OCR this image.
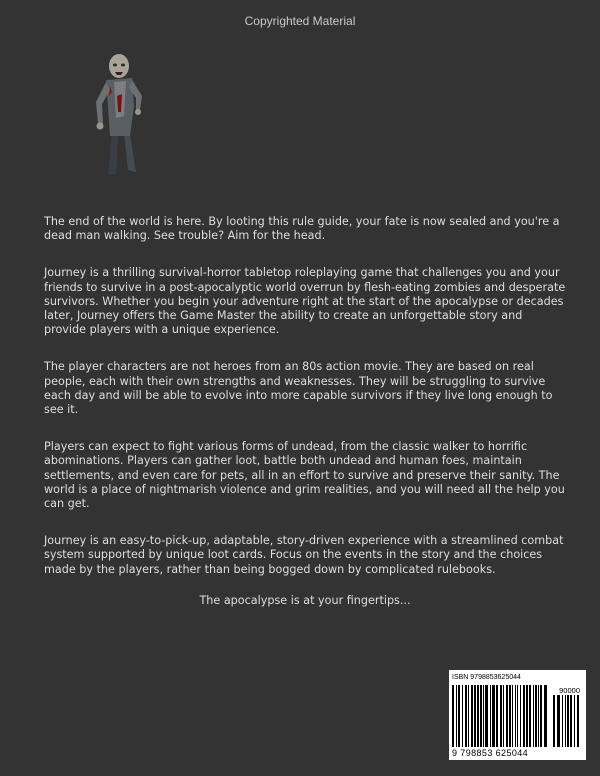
Copyrighted Material

The end of the world is here. By looting this rule guide, your fate is now sealed and you're a dead man walking. See trouble? Aim for the head.

Journey is a thrilling survival-horror tabletop roleplaying game that challenges you and your friends to survive in a post-apocalyptic world overrun by flesh-eating zombies and desperate survivors. Whether you begin your adventure right at the start of the apocalypse or decades later, Journey offers the Game Master the ability to create an unforgettable story and provide players with a unique experience.

The player characters are not heroes from an 80s action movie. They are based on real people, each with their own strengths and weaknesses. They will be struggling to survive each day and will be able to evolve into more capable survivors if they live long enough to see it.

Players can expect to fight various forms of undead, from the classic walker to horrific abominations. Players can gather loot, battle both undead and human foes, maintain settlements, and even care for pets, all in an effort to survive and preserve their sanity. The world is a place of nightmarish violence and grim realities, and you will need all the help you can get.

Journey is an easy-to-pick-up, adaptable, story-driven experience with a streamlined combat system supported by unique loot cards. Focus on the events in the story and the choices made by the players, rather than being bogged down by complicated rulebooks.

The apocalypse is at your fingertips...

ISBN 9798853625044
90000
9 798853 625044
